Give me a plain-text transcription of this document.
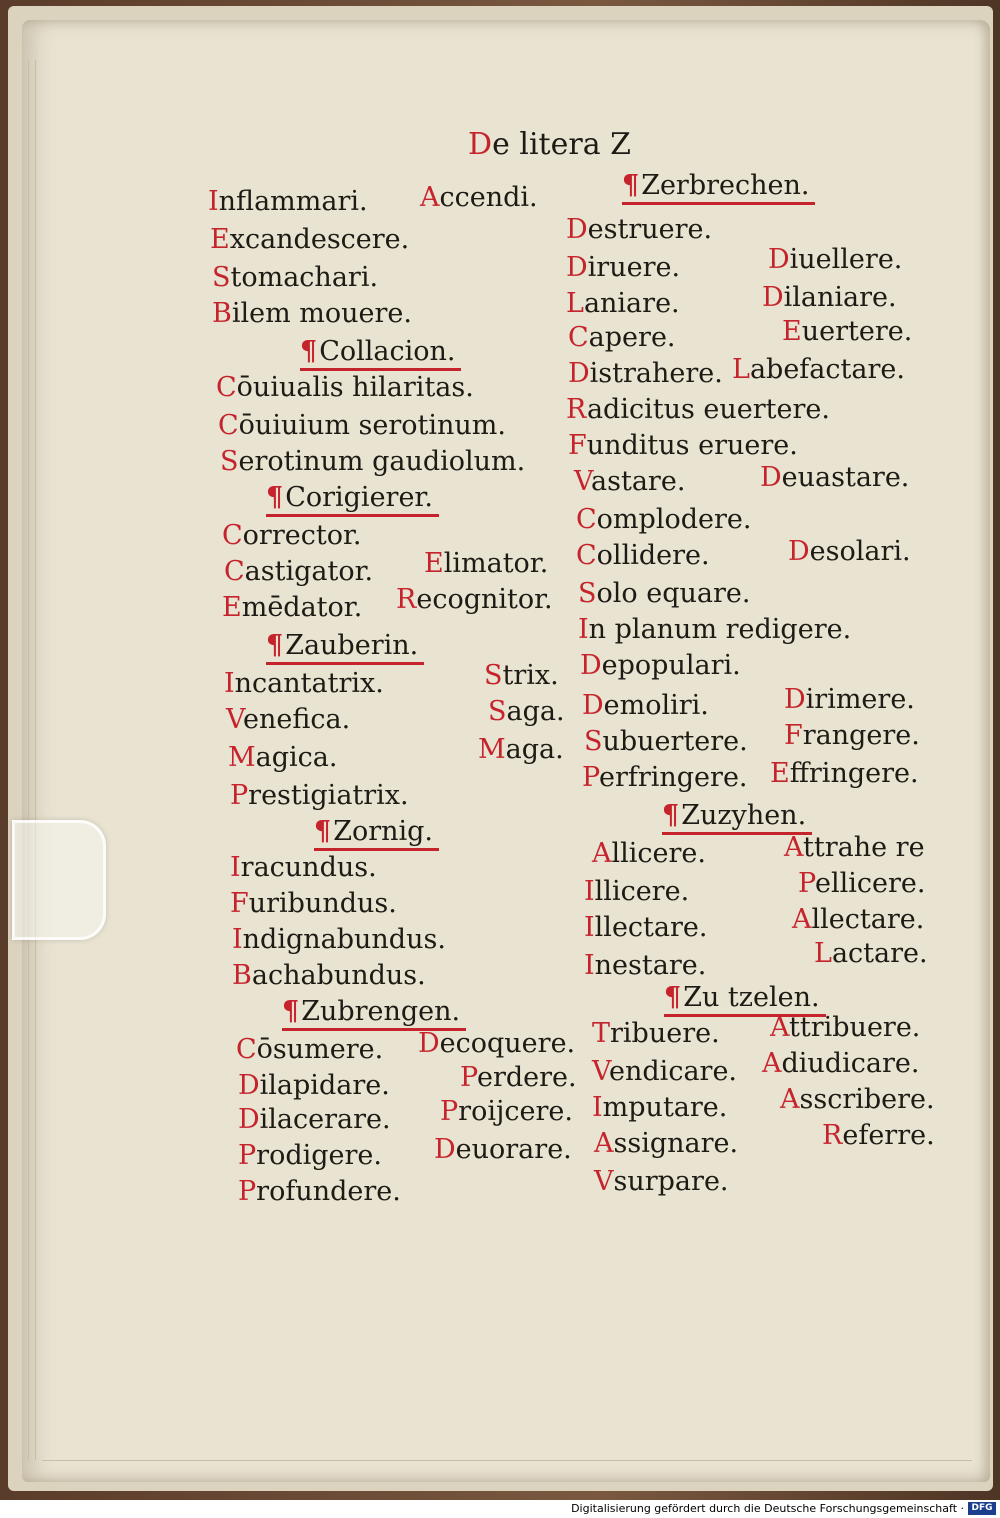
De litera Z
Inflammari. Accendi.
Excandescere.
Stomachari.
Bilem mouere.
¶ Collacion.
Cōuiualis hilaritas.
Cōuiuium serotinum.
Serotinum gaudiolum.
¶ Corigierer.
Corrector.
Castigator. Elimator.
Emēdator. Recognitor.
¶ Zauberin.
Incantatrix.	Strix.
Venefica.	Saga.
Magica.	Maga.
Prestigiatrix.
¶ Zornig.
Iracundus.
Furibundus.
Indignabundus.
Bachabundus.
¶ Zubrengen.
Cōsumere. Decoquere.
Dilapidare.	Perdere.
Dilacerare. Proijcere.
Prodigere. Deuorare.
Profundere.
¶ Zerbrechen.
Destruere.
Diruere.	Diuellere.
Laniare.	Dilaniare.
Capere.	Euertere.
Distrahere. Labefactare.
Radicitus euertere.
Funditus eruere.
Vastare.	Deuastare.
Complodere.
Collidere.	Desolari.
Solo equare.
In planum redigere.
Depopulari.
Demoliri.	Dirimere.
Subuertere. Frangere.
Perfringere. Effringere.
¶ Zuzyhen.
Allicere.	Attrahe re
Illicere.	Pellicere.
Illectare.	Allectare.
Inestare.	Lactare.
¶ Zu tzelen.
Tribuere. Attribuere.
Vendicare. Adiudicare.
Imputare. Asscribere.
Assignare.	Referre.
Vsurpare.
Digitalisierung gefördert durch die Deutsche Forschungsgemeinschaft · DFG
